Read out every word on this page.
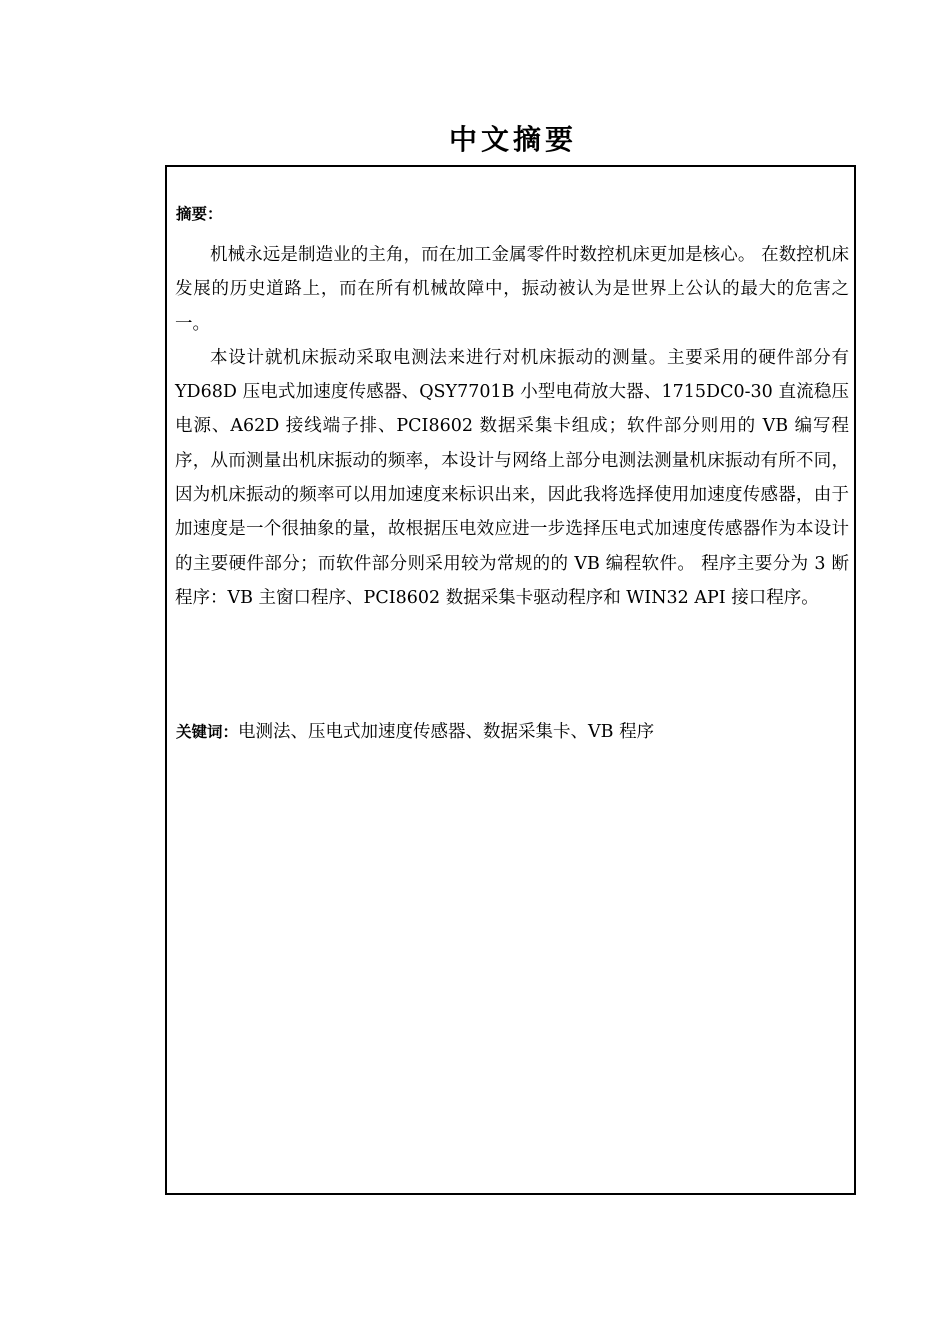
中文摘要
摘要：

机械永远是制造业的主角，而在加工金属零件时数控机床更加是核心。 在数控机床发展的历史道路上，而在所有机械故障中，振动被认为是世界上公认的最大的危害之一。

本设计就机床振动采取电测法来进行对机床振动的测量。主要采用的硬件部分有 YD68D 压电式加速度传感器、QSY7701B 小型电荷放大器、1715DC0-30 直流稳压电源、A62D 接线端子排、PCI8602 数据采集卡组成；软件部分则用的 VB 编写程序，从而测量出机床振动的频率，本设计与网络上部分电测法测量机床振动有所不同，因为机床振动的频率可以用加速度来标识出来，因此我将选择使用加速度传感器，由于加速度是一个很抽象的量，故根据压电效应进一步选择压电式加速度传感器作为本设计的主要硬件部分；而软件部分则采用较为常规的的 VB 编程软件。 程序主要分为 3 断程序：VB 主窗口程序、PCI8602 数据采集卡驱动程序和 WIN32 API 接口程序。

关键词：电测法、压电式加速度传感器、数据采集卡、VB 程序
